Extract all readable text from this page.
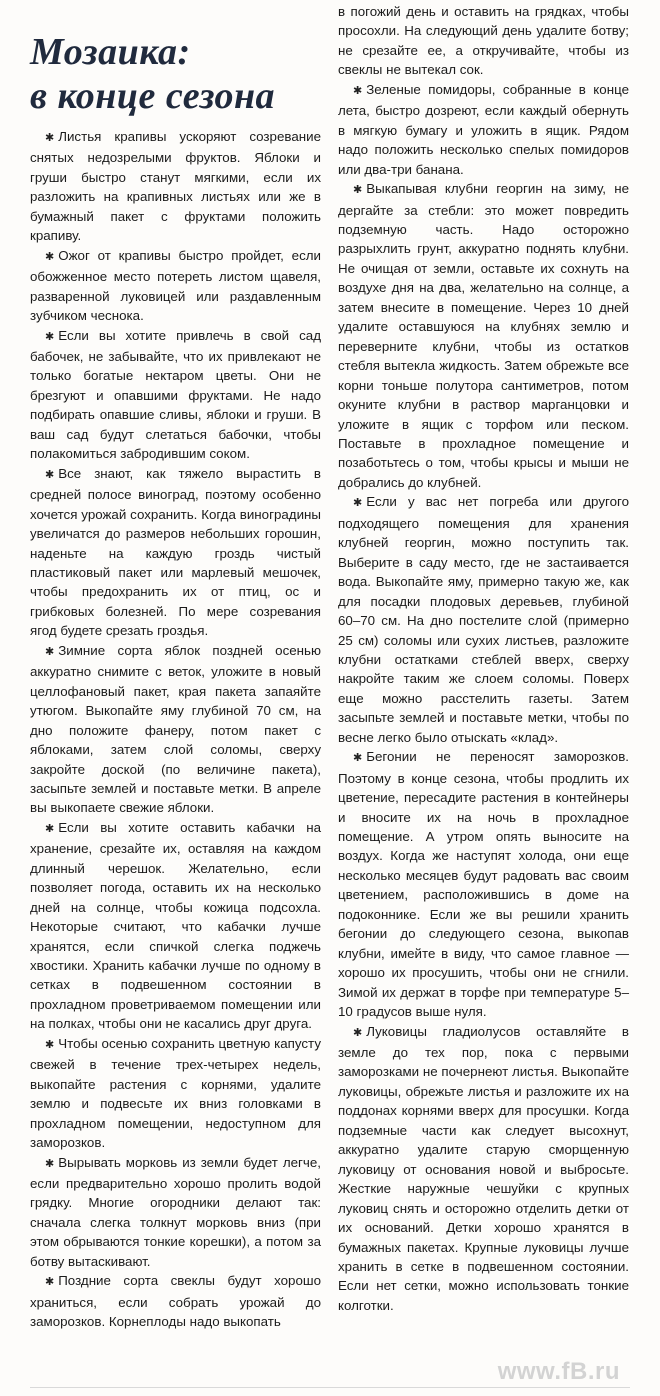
Мозаика:
в конце сезона

✱ Листья крапивы ускоряют созревание снятых недозрелыми фруктов. Яблоки и груши быстро станут мягкими, если их разложить на крапивных листьях или же в бумажный пакет с фруктами положить крапиву.

✱ Ожог от крапивы быстро пройдет, если обожженное место потереть листом щавеля, разваренной луковицей или раздавленным зубчиком чеснока.

✱ Если вы хотите привлечь в свой сад бабочек, не забывайте, что их привлекают не только богатые нектаром цветы. Они не брезгуют и опавшими фруктами. Не надо подбирать опавшие сливы, яблоки и груши. В ваш сад будут слетаться бабочки, чтобы полакомиться забродившим соком.

✱ Все знают, как тяжело вырастить в средней полосе виноград, поэтому особенно хочется урожай сохранить. Когда виноградины увеличатся до размеров небольших горошин, наденьте на каждую гроздь чистый пластиковый пакет или марлевый мешочек, чтобы предохранить их от птиц, ос и грибковых болезней. По мере созревания ягод будете срезать гроздья.

✱ Зимние сорта яблок поздней осенью аккуратно снимите с веток, уложите в новый целлофановый пакет, края пакета запаяйте утюгом. Выкопайте яму глубиной 70 см, на дно положите фанеру, потом пакет с яблоками, затем слой соломы, сверху закройте доской (по величине пакета), засыпьте землей и поставьте метки. В апреле вы выкопаете свежие яблоки.

✱ Если вы хотите оставить кабачки на хранение, срезайте их, оставляя на каждом длинный черешок. Желательно, если позволяет погода, оставить их на несколько дней на солнце, чтобы кожица подсохла. Некоторые считают, что кабачки лучше хранятся, если спичкой слегка поджечь хвостики. Хранить кабачки лучше по одному в сетках в подвешенном состоянии в прохладном проветриваемом помещении или на полках, чтобы они не касались друг друга.

✱ Чтобы осенью сохранить цветную капусту свежей в течение трех-четырех недель, выкопайте растения с корнями, удалите землю и подвесьте их вниз головками в прохладном помещении, недоступном для заморозков.

✱ Вырывать морковь из земли будет легче, если предварительно хорошо пролить водой грядку. Многие огородники делают так: сначала слегка толкнут морковь вниз (при этом обрываются тонкие корешки), а потом за ботву вытаскивают.

✱ Поздние сорта свеклы будут хорошо храниться, если собрать урожай до заморозков. Корнеплоды надо выкопать

в погожий день и оставить на грядках, чтобы просохли. На следующий день удалите ботву; не срезайте ее, а откручивайте, чтобы из свеклы не вытекал сок.

✱ Зеленые помидоры, собранные в конце лета, быстро дозреют, если каждый обернуть в мягкую бумагу и уложить в ящик. Рядом надо положить несколько спелых помидоров или два-три банана.

✱ Выкапывая клубни георгин на зиму, не дергайте за стебли: это может повредить подземную часть. Надо осторожно разрыхлить грунт, аккуратно поднять клубни. Не очищая от земли, оставьте их сохнуть на воздухе дня на два, желательно на солнце, а затем внесите в помещение. Через 10 дней удалите оставшуюся на клубнях землю и переверните клубни, чтобы из остатков стебля вытекла жидкость. Затем обрежьте все корни тоньше полутора сантиметров, потом окуните клубни в раствор марганцовки и уложите в ящик с торфом или песком. Поставьте в прохладное помещение и позаботьтесь о том, чтобы крысы и мыши не добрались до клубней.

✱ Если у вас нет погреба или другого подходящего помещения для хранения клубней георгин, можно поступить так. Выберите в саду место, где не застаивается вода. Выкопайте яму, примерно такую же, как для посадки плодовых деревьев, глубиной 60–70 см. На дно постелите слой (примерно 25 см) соломы или сухих листьев, разложите клубни остатками стеблей вверх, сверху накройте таким же слоем соломы. Поверх еще можно расстелить газеты. Затем засыпьте землей и поставьте метки, чтобы по весне легко было отыскать «клад».

✱ Бегонии не переносят заморозков. Поэтому в конце сезона, чтобы продлить их цветение, пересадите растения в контейнеры и вносите их на ночь в прохладное помещение. А утром опять выносите на воздух. Когда же наступят холода, они еще несколько месяцев будут радовать вас своим цветением, расположившись в доме на подоконнике. Если же вы решили хранить бегонии до следующего сезона, выкопав клубни, имейте в виду, что самое главное — хорошо их просушить, чтобы они не сгнили. Зимой их держат в торфе при температуре 5–10 градусов выше нуля.

✱ Луковицы гладиолусов оставляйте в земле до тех пор, пока с первыми заморозками не почернеют листья. Выкопайте луковицы, обрежьте листья и разложите их на поддонах корнями вверх для просушки. Когда подземные части как следует высохнут, аккуратно удалите старую сморщенную луковицу от основания новой и выбросьте. Жесткие наружные чешуйки с крупных луковиц снять и осторожно отделить детки от их оснований. Детки хорошо хранятся в бумажных пакетах. Крупные луковицы лучше хранить в сетке в подвешенном состоянии. Если нет сетки, можно использовать тонкие колготки.

www.fB.ru
